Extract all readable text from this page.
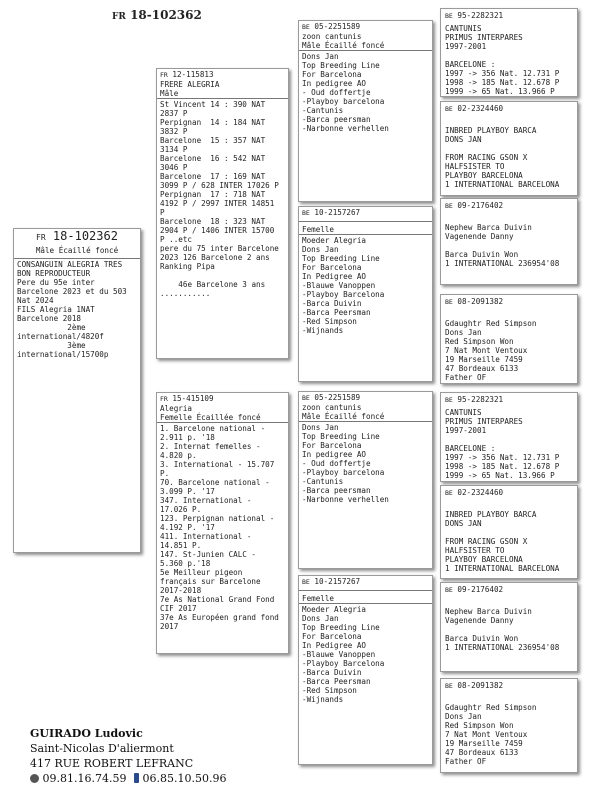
FR 18-102362
FR 18-102362
Mâle Écaillé foncé
CONSANGUIN ALEGRIA TRES
BON REPRODUCTEUR
Pere du 95e inter
Barcelone 2023 et du 503
Nat 2024
FILS Alegria 1NAT
Barcelone 2018
2ème
international/4820f
3ème
international/15700p
FR 12-115813
FRERE ALEGRIA
Mâle
St Vincent 14 : 390 NAT
2837 P
Perpignan  14 : 184 NAT
3832 P
Barcelone  15 : 357 NAT
3134 P
Barcelone  16 : 542 NAT
3046 P
Barcelone  17 : 169 NAT
3099 P / 628 INTER 17026 P
Perpignan  17 : 718 NAT
4192 P / 2997 INTER 14851
P
Barcelone  18 : 323 NAT
2904 P / 1406 INTER 15700
P ..etc
pere du 75 inter Barcelone
2023 126 Barcelone 2 ans
Ranking Pipa
46e Barcelone 3 ans
...........
FR 15-415109
Alegria
Femelle Écaillée foncé
1. Barcelone national -
2.911 p. '18
2. Internat femelles -
4.820 p.
3. International - 15.707
P.
70. Barcelone national -
3.099 P. '17
347. International -
17.026 P.
123. Perpignan national -
4.192 P. '17
411. International -
14.851 P.
147. St-Junien CALC -
5.360 p.'18
5e Meilleur pigeon
français sur Barcelone
2017-2018
7e As National Grand Fond
CIF 2017
37e As Européen grand fond
2017
BE 05-2251589
zoon cantunis
Mâle Écaillé foncé
Dons Jan
Top Breeding Line
For Barcelona
In pedigree AO
- Oud doffertje
-Playboy barcelona
-Cantunis
-Barca peersman
-Narbonne verhellen
BE 10-2157267
Femelle
Moeder Alegria
Dons Jan
Top Breeding Line
For Barcelona
In Pedigree AO
-Blauwe Vanoppen
-Playboy Barcelona
-Barca Duivin
-Barca Peersman
-Red Simpson
-Wijnands
BE 05-2251589
zoon cantunis
Mâle Écaillé foncé
Dons Jan
Top Breeding Line
For Barcelona
In pedigree AO
- Oud doffertje
-Playboy barcelona
-Cantunis
-Barca peersman
-Narbonne verhellen
BE 10-2157267
Femelle
Moeder Alegria
Dons Jan
Top Breeding Line
For Barcelona
In Pedigree AO
-Blauwe Vanoppen
-Playboy Barcelona
-Barca Duivin
-Barca Peersman
-Red Simpson
-Wijnands
BE 95-2282321
CANTUNIS
PRIMUS INTERPARES
1997-2001
BARCELONE :
1997 -> 356 Nat. 12.731 P
1998 -> 185 Nat. 12.678 P
1999 -> 65 Nat. 13.966 P
BE 02-2324460
INBRED PLAYBOY BARCA
DONS JAN
FROM RACING GSON X
HALFSISTER TO
PLAYBOY BARCELONA
1 INTERNATIONAL BARCELONA
BE 09-2176402
Nephew Barca Duivin
Vagenende Danny
Barca Duivin Won
1 INTERNATIONAL 236954'08
BE 08-2091382
Gdaughtr Red Simpson
Dons Jan
Red Simpson Won
7 Nat Mont Ventoux
19 Marseille 7459
47 Bordeaux 6133
Father OF
BE 95-2282321
CANTUNIS
PRIMUS INTERPARES
1997-2001
BARCELONE :
1997 -> 356 Nat. 12.731 P
1998 -> 185 Nat. 12.678 P
1999 -> 65 Nat. 13.966 P
BE 02-2324460
INBRED PLAYBOY BARCA
DONS JAN
FROM RACING GSON X
HALFSISTER TO
PLAYBOY BARCELONA
1 INTERNATIONAL BARCELONA
BE 09-2176402
Nephew Barca Duivin
Vagenende Danny
Barca Duivin Won
1 INTERNATIONAL 236954'08
BE 08-2091382
Gdaughtr Red Simpson
Dons Jan
Red Simpson Won
7 Nat Mont Ventoux
19 Marseille 7459
47 Bordeaux 6133
Father OF
GUIRADO Ludovic
Saint-Nicolas D'aliermont
417 RUE ROBERT LEFRANC
09.81.16.74.59 06.85.10.50.96
